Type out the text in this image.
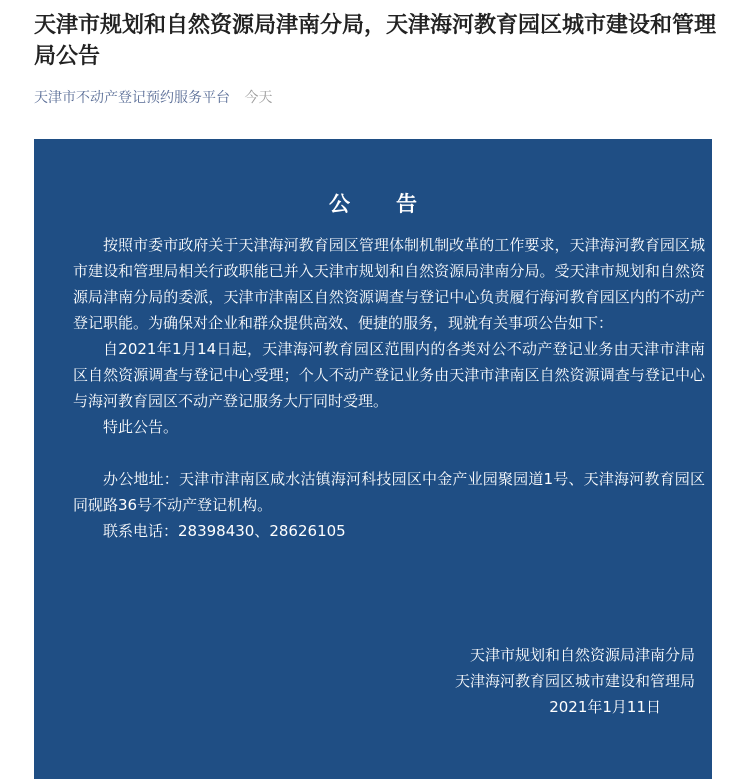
天津市规划和自然资源局津南分局，天津海河教育园区城市建设和管理局公告
天津市不动产登记预约服务平台 今天
公告

按照市委市政府关于天津海河教育园区管理体制机制改革的工作要求，天津海河教育园区城市建设和管理局相关行政职能已并入天津市规划和自然资源局津南分局。受天津市规划和自然资源局津南分局的委派，天津市津南区自然资源调查与登记中心负责履行海河教育园区内的不动产登记职能。为确保对企业和群众提供高效、便捷的服务，现就有关事项公告如下：

自2021年1月14日起，天津海河教育园区范围内的各类对公不动产登记业务由天津市津南区自然资源调查与登记中心受理；个人不动产登记业务由天津市津南区自然资源调查与登记中心与海河教育园区不动产登记服务大厅同时受理。

特此公告。

办公地址：天津市津南区咸水沽镇海河科技园区中金产业园聚园道1号、天津海河教育园区同砚路36号不动产登记机构。

联系电话：28398430、28626105

天津市规划和自然资源局津南分局
天津海河教育园区城市建设和管理局
2021年1月11日
